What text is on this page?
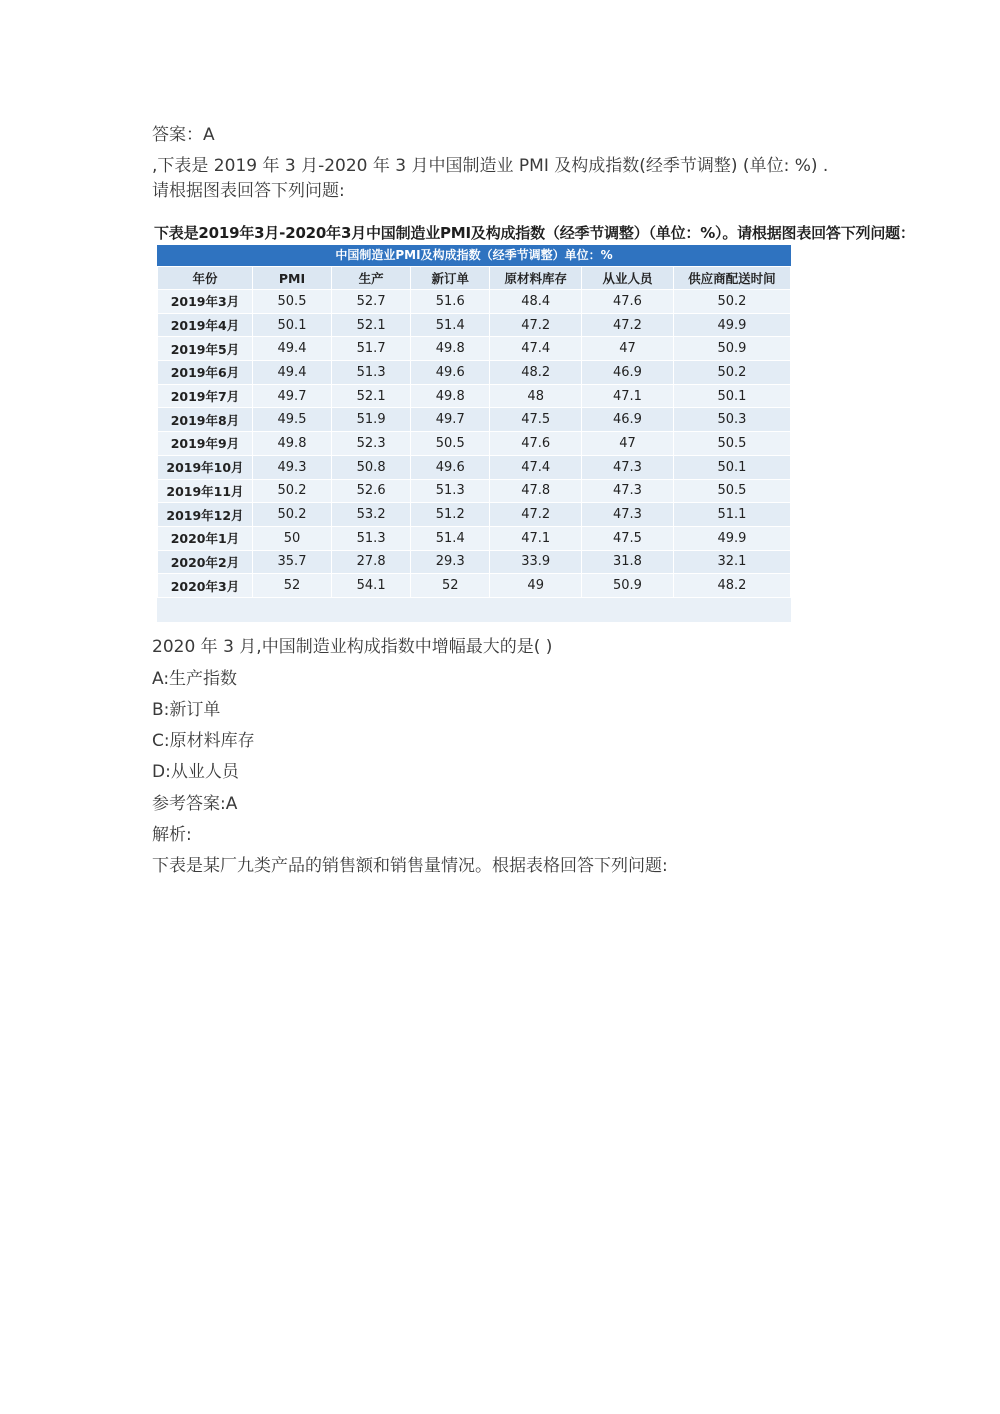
答案：A
,下表是 2019 年 3 月-2020 年 3 月中国制造业 PMI 及构成指数(经季节调整) (单位: %) .
请根据图表回答下列问题:
下表是2019年3月-2020年3月中国制造业PMI及构成指数（经季节调整）（单位：%）。请根据图表回答下列问题：
中国制造业PMI及构成指数（经季节调整）单位：%
年份	PMI	生产	新订单	原材料库存	从业人员	供应商配送时间
2019年3月	50.5	52.7	51.6	48.4	47.6	50.2
2019年4月	50.1	52.1	51.4	47.2	47.2	49.9
2019年5月	49.4	51.7	49.8	47.4	47	50.9
2019年6月	49.4	51.3	49.6	48.2	46.9	50.2
2019年7月	49.7	52.1	49.8	48	47.1	50.1
2019年8月	49.5	51.9	49.7	47.5	46.9	50.3
2019年9月	49.8	52.3	50.5	47.6	47	50.5
2019年10月	49.3	50.8	49.6	47.4	47.3	50.1
2019年11月	50.2	52.6	51.3	47.8	47.3	50.5
2019年12月	50.2	53.2	51.2	47.2	47.3	51.1
2020年1月	50	51.3	51.4	47.1	47.5	49.9
2020年2月	35.7	27.8	29.3	33.9	31.8	32.1
2020年3月	52	54.1	52	49	50.9	48.2
2020 年 3 月,中国制造业构成指数中增幅最大的是( )
A:生产指数
B:新订单
C:原材料库存
D:从业人员
参考答案:A
解析:
下表是某厂九类产品的销售额和销售量情况。根据表格回答下列问题:
